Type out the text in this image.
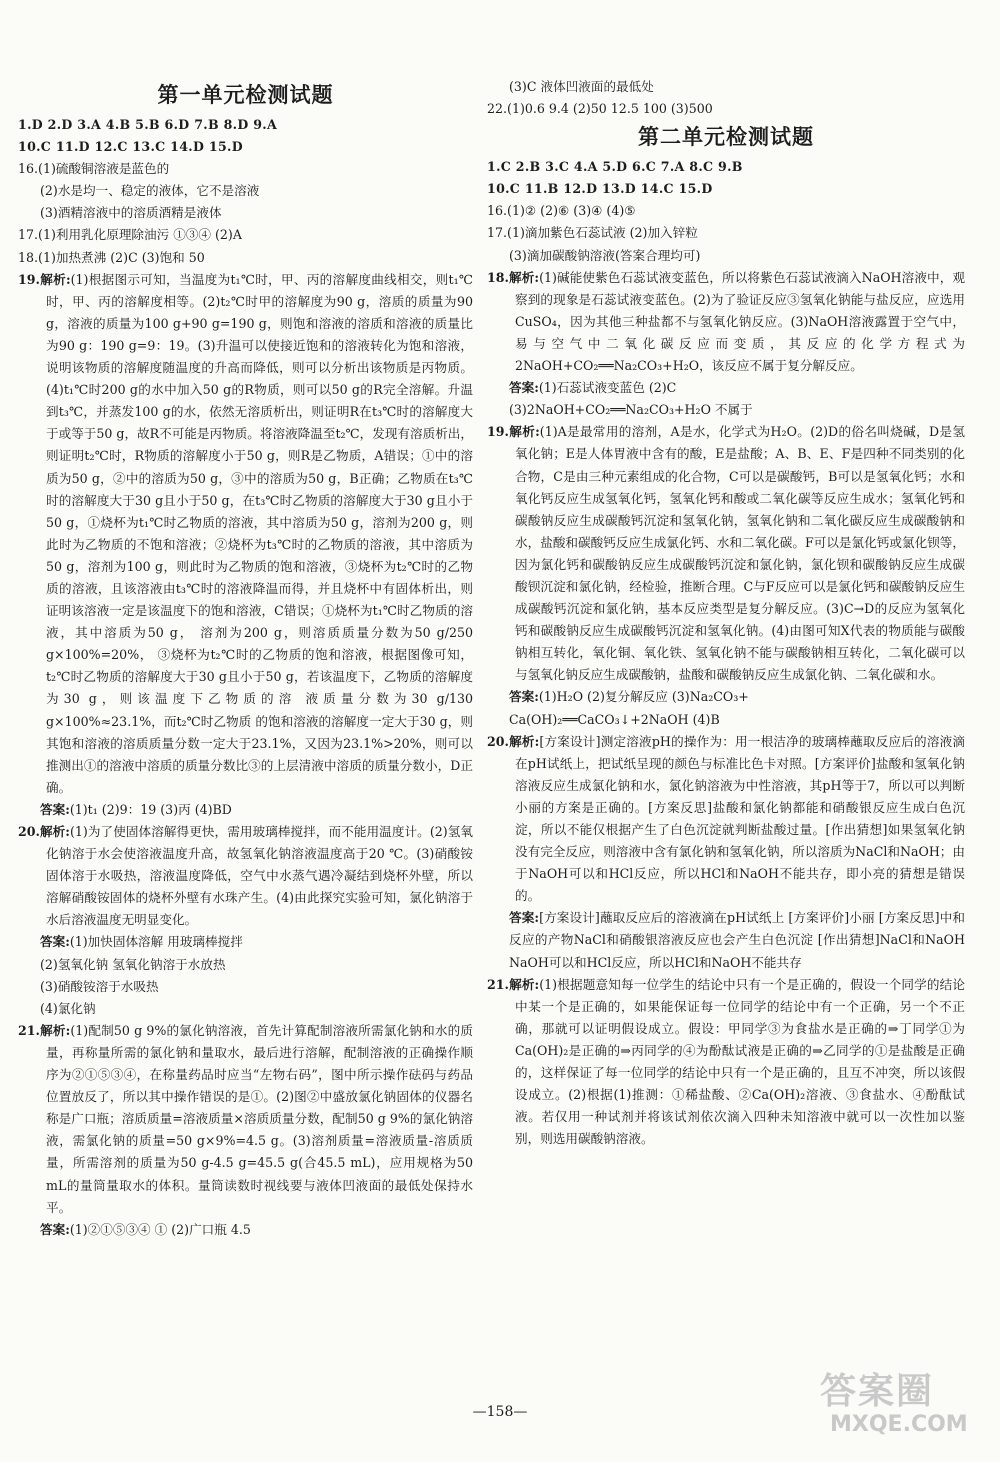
第一单元检测试题
1.D 2.D 3.A 4.B 5.B 6.D 7.B 8.D 9.A
10.C 11.D 12.C 13.C 14.D 15.D
16.(1)硫酸铜溶液是蓝色的
(2)水是均一、稳定的液体，它不是溶液
(3)酒精溶液中的溶质酒精是液体
17.(1)利用乳化原理除油污 ①③④ (2)A
18.(1)加热煮沸 (2)C (3)饱和 50
19.解析:(1)根据图示可知，当温度为t₁℃时，甲、丙的溶解度曲线相交，则t₁℃时，甲、丙的溶解度相等。(2)t₂℃时甲的溶解度为90 g，溶质的质量为90 g，溶液的质量为100 g+90 g=190 g，则饱和溶液的溶质和溶液的质量比为90 g：190 g=9：19。(3)升温可以使接近饱和的溶液转化为饱和溶液，说明该物质的溶解度随温度的升高而降低，则可以分析出该物质是丙物质。(4)t₁℃时200 g的水中加入50 g的R物质，则可以50 g的R完全溶解。升温到t₃℃，并蒸发100 g的水，依然无溶质析出，则证明R在t₃℃时的溶解度大于或等于50 g，故R不可能是丙物质。将溶液降温至t₂℃，发现有溶质析出，则证明t₂℃时，R物质的溶解度小于50 g，则R是乙物质，A错误；①中的溶质为50 g，②中的溶质为50 g，③中的溶质为50 g，B正确；乙物质在t₃℃时的溶解度大于30 g且小于50 g，在t₃℃时乙物质的溶解度大于30 g且小于50 g，①烧杯为t₁℃时乙物质的溶液，其中溶质为50 g，溶剂为200 g，则此时为乙物质的不饱和溶液；②烧杯为t₃℃时的乙物质的溶液，其中溶质为50 g，溶剂为100 g，则此时为乙物质的饱和溶液，③烧杯为t₂℃时的乙物质的溶液，且该溶液由t₃℃时的溶液降温而得，并且烧杯中有固体析出，则证明该溶液一定是该温度下的饱和溶液，C错误；①烧杯为t₁℃时乙物质的溶液，其中溶质为50 g， 溶剂为200 g，则溶质质量分数为50 g/250 g×100%=20%， ③烧杯为t₂℃时的乙物质的饱和溶液，根据图像可知，t₂℃时乙物质的溶解度大于30 g且小于50 g，若该温度下，乙物质的溶解度为30 g，则该温度下乙物质的溶 液质量分数为30 g/130 g×100%≈23.1%，而t₂℃时乙物质 的饱和溶液的溶解度一定大于30 g，则其饱和溶液的溶质质量分数一定大于23.1%，又因为23.1%>20%，则可以推测出①的溶液中溶质的质量分数比③的上层清液中溶质的质量分数小，D正确。
答案:(1)t₁ (2)9：19 (3)丙 (4)BD
20.解析:(1)为了使固体溶解得更快，需用玻璃棒搅拌，而不能用温度计。(2)氢氧化钠溶于水会使溶液温度升高，故氢氧化钠溶液温度高于20 ℃。(3)硝酸铵固体溶于水吸热，溶液温度降低，空气中水蒸气遇冷凝结到烧杯外壁，所以溶解硝酸铵固体的烧杯外壁有水珠产生。(4)由此探究实验可知，氯化钠溶于水后溶液温度无明显变化。
答案:(1)加快固体溶解 用玻璃棒搅拌
(2)氢氧化钠 氢氧化钠溶于水放热
(3)硝酸铵溶于水吸热
(4)氯化钠
21.解析:(1)配制50 g 9%的氯化钠溶液，首先计算配制溶液所需氯化钠和水的质量，再称量所需的氯化钠和量取水，最后进行溶解，配制溶液的正确操作顺序为②①⑤③④，在称量药品时应当“左物右码”，图中所示操作砝码与药品位置放反了，所以其中操作错误的是①。(2)图②中盛放氯化钠固体的仪器名称是广口瓶；溶质质量=溶液质量×溶质质量分数，配制50 g 9%的氯化钠溶液，需氯化钠的质量=50 g×9%=4.5 g。(3)溶剂质量=溶液质量-溶质质量，所需溶剂的质量为50 g-4.5 g=45.5 g(合45.5 mL)，应用规格为50 mL的量筒量取水的体积。量筒读数时视线要与液体凹液面的最低处保持水平。
答案:(1)②①⑤③④ ① (2)广口瓶 4.5
(3)C 液体凹液面的最低处
22.(1)0.6 9.4 (2)50 12.5 100 (3)500
第二单元检测试题
1.C 2.B 3.C 4.A 5.D 6.C 7.A 8.C 9.B
10.C 11.B 12.D 13.D 14.C 15.D
16.(1)② (2)⑥ (3)④ (4)⑤
17.(1)滴加紫色石蕊试液 (2)加入锌粒
(3)滴加碳酸钠溶液(答案合理均可)
18.解析:(1)碱能使紫色石蕊试液变蓝色，所以将紫色石蕊试液滴入NaOH溶液中，观察到的现象是石蕊试液变蓝色。(2)为了验证反应③氢氧化钠能与盐反应，应选用CuSO₄，因为其他三种盐都不与氢氧化钠反应。(3)NaOH溶液露置于空气中，易与空气中二氧化碳反应而变质，其反应的化学方程式为2NaOH+CO₂══Na₂CO₃+H₂O，该反应不属于复分解反应。
答案:(1)石蕊试液变蓝色 (2)C
(3)2NaOH+CO₂══Na₂CO₃+H₂O 不属于
19.解析:(1)A是最常用的溶剂，A是水，化学式为H₂O。(2)D的俗名叫烧碱，D是氢氧化钠；E是人体胃液中含有的酸，E是盐酸；A、B、E、F是四种不同类别的化合物，C是由三种元素组成的化合物，C可以是碳酸钙，B可以是氢氧化钙；水和氧化钙反应生成氢氧化钙，氢氧化钙和酸或二氧化碳等反应生成水；氢氧化钙和碳酸钠反应生成碳酸钙沉淀和氢氧化钠，氢氧化钠和二氧化碳反应生成碳酸钠和水，盐酸和碳酸钙反应生成氯化钙、水和二氧化碳。F可以是氯化钙或氯化钡等，因为氯化钙和碳酸钠反应生成碳酸钙沉淀和氯化钠，氯化钡和碳酸钠反应生成碳酸钡沉淀和氯化钠，经检验，推断合理。C与F反应可以是氯化钙和碳酸钠反应生成碳酸钙沉淀和氯化钠，基本反应类型是复分解反应。(3)C→D的反应为氢氧化钙和碳酸钠反应生成碳酸钙沉淀和氢氧化钠。(4)由图可知X代表的物质能与碳酸钠相互转化，氧化铜、氧化铁、氢氧化钠不能与碳酸钠相互转化，二氧化碳可以与氢氧化钠反应生成碳酸钠，盐酸和碳酸钠反应生成氯化钠、二氧化碳和水。
答案:(1)H₂O (2)复分解反应 (3)Na₂CO₃+
Ca(OH)₂══CaCO₃↓+2NaOH (4)B
20.解析:[方案设计]测定溶液pH的操作为：用一根洁净的玻璃棒蘸取反应后的溶液滴在pH试纸上，把试纸呈现的颜色与标准比色卡对照。[方案评价]盐酸和氢氧化钠溶液反应生成氯化钠和水，氯化钠溶液为中性溶液，其pH等于7，所以可以判断小丽的方案是正确的。[方案反思]盐酸和氯化钠都能和硝酸银反应生成白色沉淀，所以不能仅根据产生了白色沉淀就判断盐酸过量。[作出猜想]如果氢氧化钠没有完全反应，则溶液中含有氯化钠和氢氧化钠，所以溶质为NaCl和NaOH；由于NaOH可以和HCl反应，所以HCl和NaOH不能共存，即小亮的猜想是错误的。
答案:[方案设计]蘸取反应后的溶液滴在pH试纸上 [方案评价]小丽 [方案反思]中和反应的产物NaCl和硝酸银溶液反应也会产生白色沉淀 [作出猜想]NaCl和NaOH NaOH可以和HCl反应，所以HCl和NaOH不能共存
21.解析:(1)根据题意知每一位学生的结论中只有一个是正确的，假设一个同学的结论中某一个是正确的，如果能保证每一位同学的结论中有一个正确，另一个不正确，那就可以证明假设成立。假设：甲同学③为食盐水是正确的⇒丁同学①为Ca(OH)₂是正确的⇒丙同学的④为酚酞试液是正确的⇒乙同学的①是盐酸是正确的，这样保证了每一位同学的结论中只有一个是正确的，且互不冲突，所以该假设成立。(2)根据(1)推测：①稀盐酸、②Ca(OH)₂溶液、③食盐水、④酚酞试液。若仅用一种试剂并将该试剂依次滴入四种未知溶液中就可以一次性加以鉴别，则选用碳酸钠溶液。
—158—	答案圈
MXQE.COM
